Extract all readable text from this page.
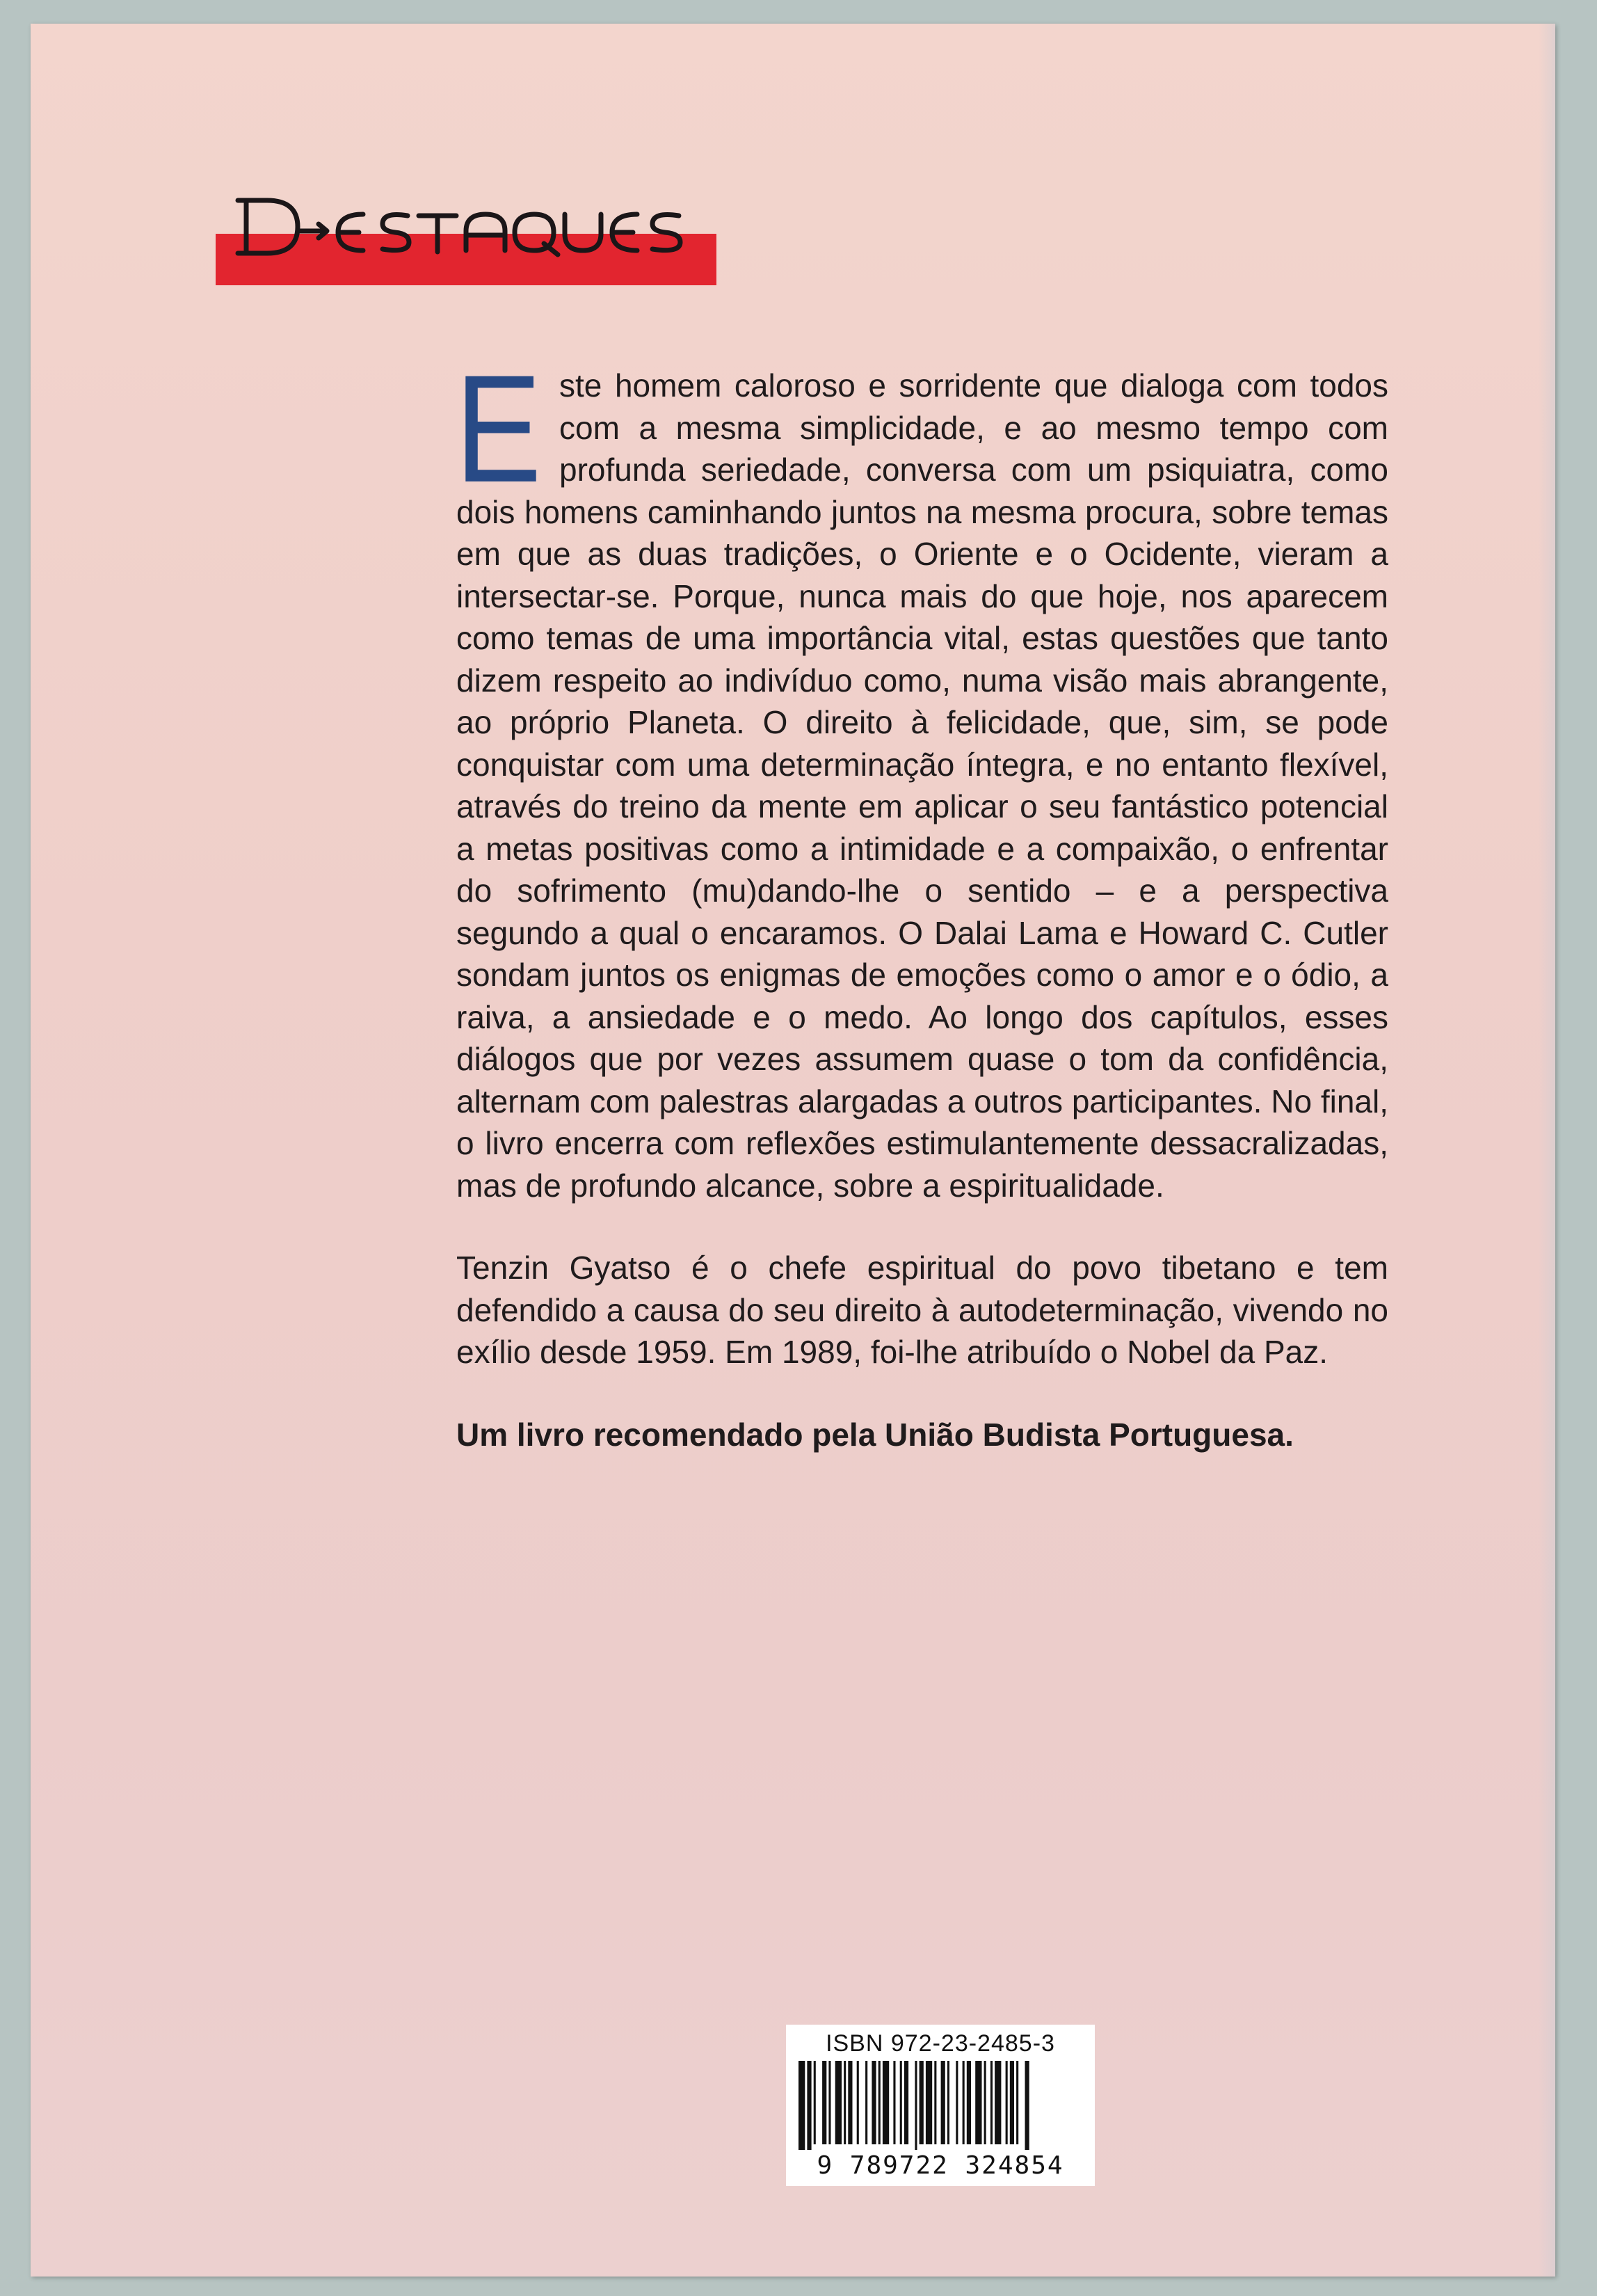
Este homem caloroso e sorridente que dialoga com todos com a mesma simplicidade, e ao mesmo tempo com profunda seriedade, conversa com um psiquiatra, como dois homens caminhando juntos na mesma procura, sobre temas em que as duas tradições, o Oriente e o Ocidente, vieram a intersectar-se. Porque, nunca mais do que hoje, nos aparecem como temas de uma importância vital, estas questões que tanto dizem respeito ao indivíduo como, numa visão mais abrangente, ao próprio Planeta. O direito à felicidade, que, sim, se pode conquistar com uma determinação íntegra, e no entanto flexível, através do treino da mente em aplicar o seu fantástico potencial a metas positivas como a intimidade e a compaixão, o enfrentar do sofrimento (mu)dando-lhe o sentido – e a perspectiva segundo a qual o encaramos. O Dalai Lama e Howard C. Cutler sondam juntos os enigmas de emoções como o amor e o ódio, a raiva, a ansiedade e o medo. Ao longo dos capítulos, esses diálogos que por vezes assumem quase o tom da confidência, alternam com palestras alargadas a outros participantes. No final, o livro encerra com reflexões estimulantemente dessacralizadas, mas de profundo alcance, sobre a espiritualidade.

Tenzin Gyatso é o chefe espiritual do povo tibetano e tem defendido a causa do seu direito à autodeterminação, vivendo no exílio desde 1959. Em 1989, foi-lhe atribuído o Nobel da Paz.

Um livro recomendado pela União Budista Portuguesa.

ISBN 972-23-2485-3
9 789722 324854
